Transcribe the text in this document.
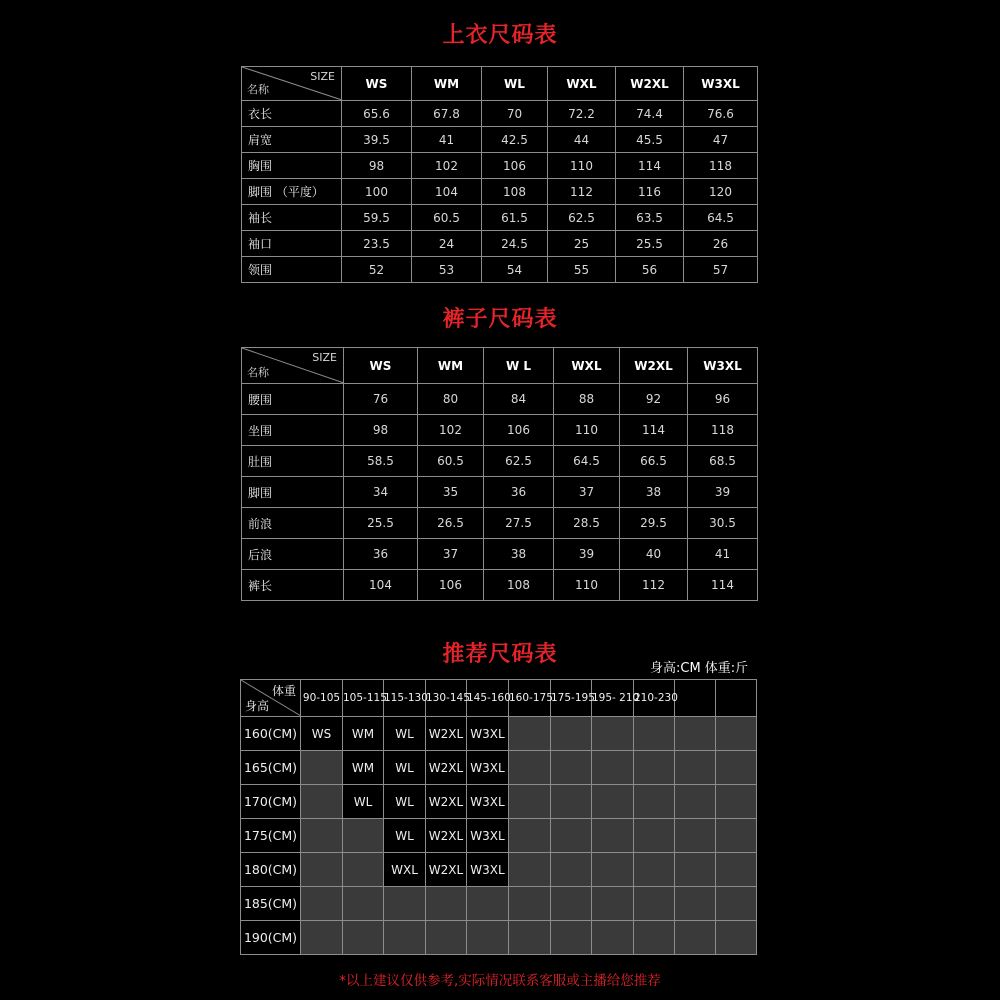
上衣尺码表
SIZE
名称	WS	WM	WL	WXL	W2XL	W3XL
衣长	65.6	67.8	70	72.2	74.4	76.6
肩宽	39.5	41	42.5	44	45.5	47
胸围	98	102	106	110	114	118
脚围 （平度）	100	104	108	112	116	120
袖长	59.5	60.5	61.5	62.5	63.5	64.5
袖口	23.5	24	24.5	25	25.5	26
领围	52	53	54	55	56	57
裤子尺码表
SIZE
名称	WS	WM	W L	WXL	W2XL	W3XL
腰围	76	80	84	88	92	96
坐围	98	102	106	110	114	118
肚围	58.5	60.5	62.5	64.5	66.5	68.5
脚围	34	35	36	37	38	39
前浪	25.5	26.5	27.5	28.5	29.5	30.5
后浪	36	37	38	39	40	41
裤长	104	106	108	110	112	114
推荐尺码表
身高:CM 体重:斤
体重
身高	90-105	105-115	115-130	130-145	145-160	160-175	175-195	195- 210	210-230		
160(CM)	WS	WM	WL	W2XL	W3XL						
165(CM)		WM	WL	W2XL	W3XL						
170(CM)		WL	WL	W2XL	W3XL						
175(CM)			WL	W2XL	W3XL						
180(CM)			WXL	W2XL	W3XL						
185(CM)											
190(CM)											
*以上建议仅供参考,实际情况联系客服或主播给您推荐
